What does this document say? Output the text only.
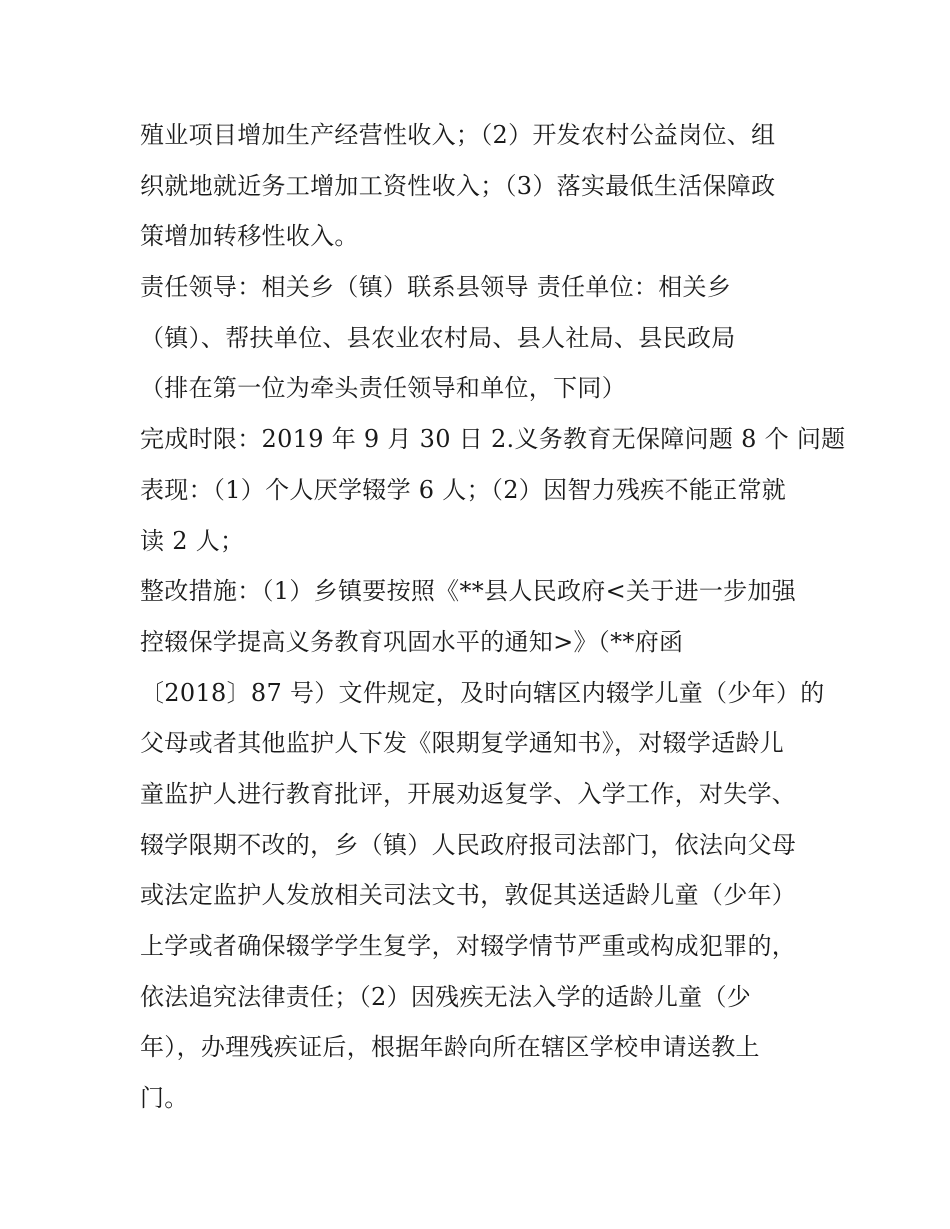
殖业项目增加生产经营性收入；（2）开发农村公益岗位、组
织就地就近务工增加工资性收入；（3）落实最低生活保障政
策增加转移性收入。
责任领导：相关乡（镇）联系县领导 责任单位：相关乡
（镇）、帮扶单位、县农业农村局、县人社局、县民政局
（排在第一位为牵头责任领导和单位，下同）
完成时限：2019 年 9 月 30 日 2.义务教育无保障问题 8 个 问题
表现：（1）个人厌学辍学 6 人；（2）因智力残疾不能正常就
读 2 人；
整改措施：（1）乡镇要按照《**县人民政府<关于进一步加强
控辍保学提高义务教育巩固水平的通知>》（**府函
〔2018〕87 号）文件规定，及时向辖区内辍学儿童（少年）的
父母或者其他监护人下发《限期复学通知书》，对辍学适龄儿
童监护人进行教育批评，开展劝返复学、入学工作，对失学、
辍学限期不改的，乡（镇）人民政府报司法部门，依法向父母
或法定监护人发放相关司法文书，敦促其送适龄儿童（少年）
上学或者确保辍学学生复学，对辍学情节严重或构成犯罪的，
依法追究法律责任；（2）因残疾无法入学的适龄儿童（少
年），办理残疾证后，根据年龄向所在辖区学校申请送教上
门。
